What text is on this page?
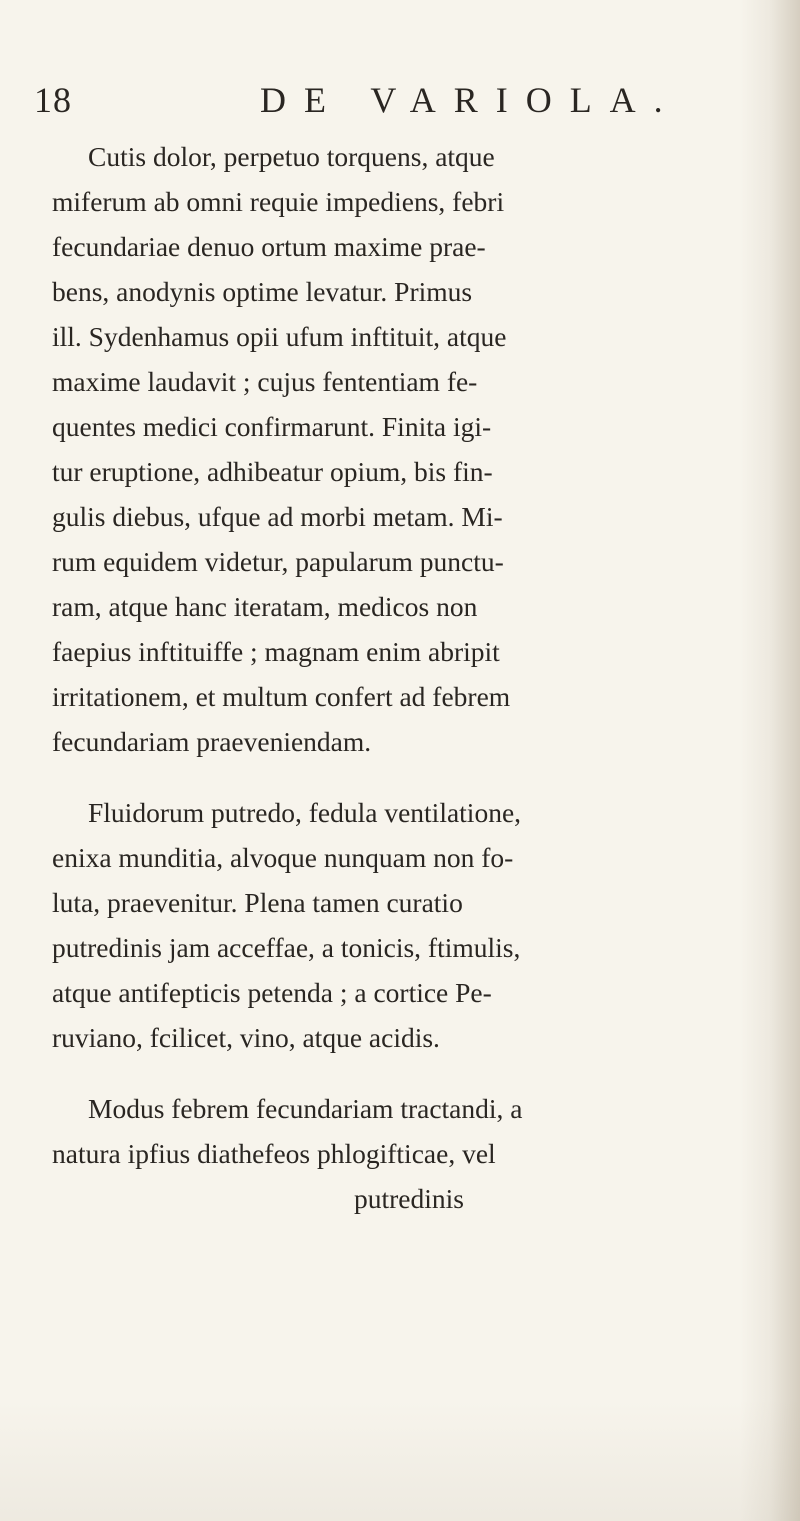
18	DE VARIOLA.
Cutis dolor, perpetuo torquens, atque
miferum ab omni requie impediens, febri
fecundariae denuo ortum maxime prae-
bens, anodynis optime levatur. Primus
ill. Sydenhamus opii ufum inftituit, atque
maxime laudavit ; cujus fententiam fe-
quentes medici confirmarunt. Finita igi-
tur eruptione, adhibeatur opium, bis fin-
gulis diebus, ufque ad morbi metam. Mi-
rum equidem videtur, papularum punctu-
ram, atque hanc iteratam, medicos non
faepius inftituiffe ; magnam enim abripit
irritationem, et multum confert ad febrem
fecundariam praeveniendam.
Fluidorum putredo, fedula ventilatione,
enixa munditia, alvoque nunquam non fo-
luta, praevenitur. Plena tamen curatio
putredinis jam acceffae, a tonicis, ftimulis,
atque antifepticis petenda ; a cortice Pe-
ruviano, fcilicet, vino, atque acidis.
Modus febrem fecundariam tractandi, a
natura ipfius diathefeos phlogifticae, vel
putredinis
